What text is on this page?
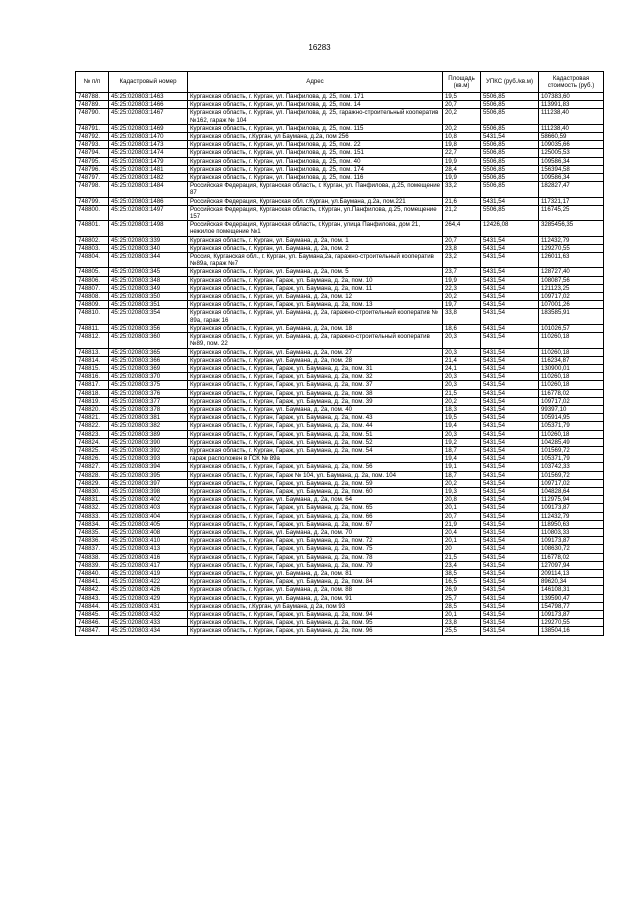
16283
№ п/п	Кадастровый номер	Адрес	Площадь (кв.м)	УПКС (руб./кв.м)	Кадастровая стоимость (руб.)
748788.	45:25:020803:1463	Курганская область, г. Курган, ул. Панфилова, д. 25, пом. 171	19,5	5506,85	107383,60
748789.	45:25:020803:1466	Курганская область, г. Курган, ул. Панфилова, д. 25, пом. 14	20,7	5506,85	113991,83
748790.	45:25:020803:1467	Курганская область, г. Курган, ул. Панфилова, д. 25, гаражно-строительный кооператив №162, гараж № 104	20,2	5506,85	111238,40
748791.	45:25:020803:1469	Курганская область, г. Курган, ул. Панфилова, д. 25, пом. 115	20,2	5506,85	111238,40
748792.	45:25:020803:1470	Курганская область, г.Курган, ул Баумана, д.2а, пом 256	10,8	5431,54	58660,59
748793.	45:25:020803:1473	Курганская область, г. Курган, ул. Панфилова, д. 25, пом. 22	19,8	5506,85	109035,66
748794.	45:25:020803:1474	Курганская область, г. Курган, ул. Панфилова, д. 25, пом. 151	22,7	5506,85	125005,53
748795.	45:25:020803:1479	Курганская область, г. Курган, ул. Панфилова, д. 25, пом. 40	19,9	5506,85	109586,34
748796.	45:25:020803:1481	Курганская область, г. Курган, ул. Панфилова, д. 25, пом. 174	28,4	5506,85	156394,58
748797.	45:25:020803:1482	Курганская область, г. Курган, ул. Панфилова, д. 25, пом. 116	19,9	5506,85	109586,34
748798.	45:25:020803:1484	Российская Федерация, Курганская область, г. Курган, ул. Панфилова, д.25, помещение 87	33,2	5506,85	182827,47
748799.	45:25:020803:1486	Российская Федерация, Курганская обл. г.Курган, ул.Баумана, д.2а, пом.221	21,6	5431,54	117321,17
748800.	45:25:020803:1497	Российская Федерация, Курганская область, г.Курган, ул.Панфилова, д.25, помещение 157	21,2	5506,85	116745,25
748801.	45:25:020803:1498	Российская Федерация, Курганская область, г.Курган, улица Панфилова, дом 21, нежилое помещение №1	264,4	12426,08	3285456,35
748802.	45:25:020803:339	Курганская область, г. Курган, ул. Баумана, д. 2а, пом. 1	20,7	5431,54	112432,79
748803.	45:25:020803:340	Курганская область, г. Курган, ул. Баумана, д. 2а, пом. 2	23,8	5431,54	129270,55
748804.	45:25:020803:344	Россия, Курганская обл., г. Курган, ул. Баумана,2а, гаражно-строительный кооператив №89а, гараж №7	23,2	5431,54	126011,63
748805.	45:25:020803:345	Курганская область, г. Курган, ул. Баумана, д. 2а, пом. 5	23,7	5431,54	128727,40
748806.	45:25:020803:348	Курганская область, г. Курган, Гараж, ул. Баумана, д. 2а, пом. 10	19,9	5431,54	108087,56
748807.	45:25:020803:349	Курганская область, г. Курган, Гараж, ул. Баумана, д. 2а, пом. 11	22,3	5431,54	121123,25
748808.	45:25:020803:350	Курганская область, г. Курган, ул. Баумана, д. 2а, пом. 12	20,2	5431,54	109717,02
748809.	45:25:020803:351	Курганская область, г. Курган, Гараж, ул. Баумана, д. 2а, пом. 13	19,7	5431,54	107001,26
748810.	45:25:020803:354	Курганская область, г. Курган, ул. Баумана, д. 2а, гаражно-строительный кооператив № 89а, гараж 16	33,8	5431,54	183585,91
748811.	45:25:020803:356	Курганская область, г. Курган, ул. Баумана, д. 2а, пом. 18	18,6	5431,54	101026,57
748812.	45:25:020803:360	Курганская область, г. Курган, ул. Баумана, д. 2а, гаражно-строительный кооператив №89, пом. 22	20,3	5431,54	110260,18
748813.	45:25:020803:365	Курганская область, г. Курган, ул. Баумана, д. 2а, пом. 27	20,3	5431,54	110260,18
748814.	45:25:020803:366	Курганская область, г. Курган, ул. Баумана, д. 2а, пом. 28	21,4	5431,54	116234,87
748815.	45:25:020803:369	Курганская область, г. Курган, Гараж, ул. Баумана, д. 2а, пом. 31	24,1	5431,54	130900,01
748816.	45:25:020803:370	Курганская область, г. Курган, Гараж, ул. Баумана, д. 2а, пом. 32	20,3	5431,54	110260,18
748817.	45:25:020803:375	Курганская область, г. Курган, Гараж, ул. Баумана, д. 2а, пом. 37	20,3	5431,54	110260,18
748818.	45:25:020803:376	Курганская область, г. Курган, Гараж, ул. Баумана, д. 2а, пом. 38	21,5	5431,54	116778,02
748819.	45:25:020803:377	Курганская область, г. Курган, Гараж, ул. Баумана, д. 2а, пом. 39	20,2	5431,54	109717,02
748820.	45:25:020803:378	Курганская область, г. Курган, ул. Баумана, д. 2а, пом. 40	18,3	5431,54	99397,10
748821.	45:25:020803:381	Курганская область, г. Курган, Гараж, ул. Баумана, д. 2а, пом. 43	19,5	5431,54	105914,95
748822.	45:25:020803:382	Курганская область, г. Курган, Гараж, ул. Баумана, д. 2а, пом. 44	19,4	5431,54	105371,79
748823.	45:25:020803:389	Курганская область, г. Курган, Гараж, ул. Баумана, д. 2а, пом. 51	20,3	5431,54	110260,18
748824.	45:25:020803:390	Курганская область, г. Курган, Гараж, ул. Баумана, д. 2а, пом. 52	19,2	5431,54	104285,49
748825.	45:25:020803:392	Курганская область, г. Курган, Гараж, ул. Баумана, д. 2а, пом. 54	18,7	5431,54	101569,72
748826.	45:25:020803:393	гараж расположен в ГСК № 89а	19,4	5431,54	105371,79
748827.	45:25:020803:394	Курганская область, г. Курган, Гараж, ул. Баумана, д. 2а, пом. 56	19,1	5431,54	103742,33
748828.	45:25:020803:395	Курганская область, г. Курган, Гараж № 104, ул. Баумана, д. 2а, пом. 104	18,7	5431,54	101569,72
748829.	45:25:020803:397	Курганская область, г. Курган, Гараж, ул. Баумана, д. 2а, пом. 59	20,2	5431,54	109717,02
748830.	45:25:020803:398	Курганская область, г. Курган, Гараж, ул. Баумана, д. 2а, пом. 60	19,3	5431,54	104828,64
748831.	45:25:020803:402	Курганская область, г. Курган, ул. Баумана, д. 2а, пом. 64	20,8	5431,54	112975,94
748832.	45:25:020803:403	Курганская область, г. Курган, Гараж, ул. Баумана, д. 2а, пом. 65	20,1	5431,54	109173,87
748833.	45:25:020803:404	Курганская область, г. Курган, Гараж, ул. Баумана, д. 2а, пом. 66	20,7	5431,54	112432,79
748834.	45:25:020803:405	Курганская область, г. Курган, Гараж, ул. Баумана, д. 2а, пом. 67	21,9	5431,54	118950,63
748835.	45:25:020803:408	Курганская область, г. Курган, ул. Баумана, д. 2а, пом. 70	20,4	5431,54	110803,33
748836.	45:25:020803:410	Курганская область, г. Курган, Гараж, ул. Баумана, д. 2а, пом. 72	20,1	5431,54	109173,87
748837.	45:25:020803:413	Курганская область, г. Курган, Гараж, ул. Баумана, д. 2а, пом. 75	20	5431,54	108630,72
748838.	45:25:020803:416	Курганская область, г. Курган, Гараж, ул. Баумана, д. 2а, пом. 78	21,5	5431,54	116778,02
748839.	45:25:020803:417	Курганская область, г. Курган, Гараж, ул. Баумана, д. 2а, пом. 79	23,4	5431,54	127097,94
748840.	45:25:020803:419	Курганская область, г. Курган, ул. Баумана, д. 2а, пом. 81	38,5	5431,54	209114,13
748841.	45:25:020803:422	Курганская область, г. Курган, Гараж, ул. Баумана, д. 2а, пом. 84	16,5	5431,54	89620,34
748842.	45:25:020803:426	Курганская область, г. Курган, ул. Баумана, д. 2а, пом. 88	26,9	5431,54	146108,31
748843.	45:25:020803:429	Курганская область, г. Курган, ул. Баумана, д. 2а, пом. 91	25,7	5431,54	139590,47
748844.	45:25:020803:431	Курганская область, г.Курган, ул Баумана, д 2а, пом 93	28,5	5431,54	154798,77
748845.	45:25:020803:432	Курганская область, г. Курган, Гараж, ул. Баумана, д. 2а, пом. 94	20,1	5431,54	109173,87
748846.	45:25:020803:433	Курганская область, г. Курган, Гараж, ул. Баумана, д. 2а, пом. 95	23,8	5431,54	129270,55
748847.	45:25:020803:434	Курганская область, г. Курган, Гараж, ул. Баумана, д. 2а, пом. 96	25,5	5431,54	138504,16
